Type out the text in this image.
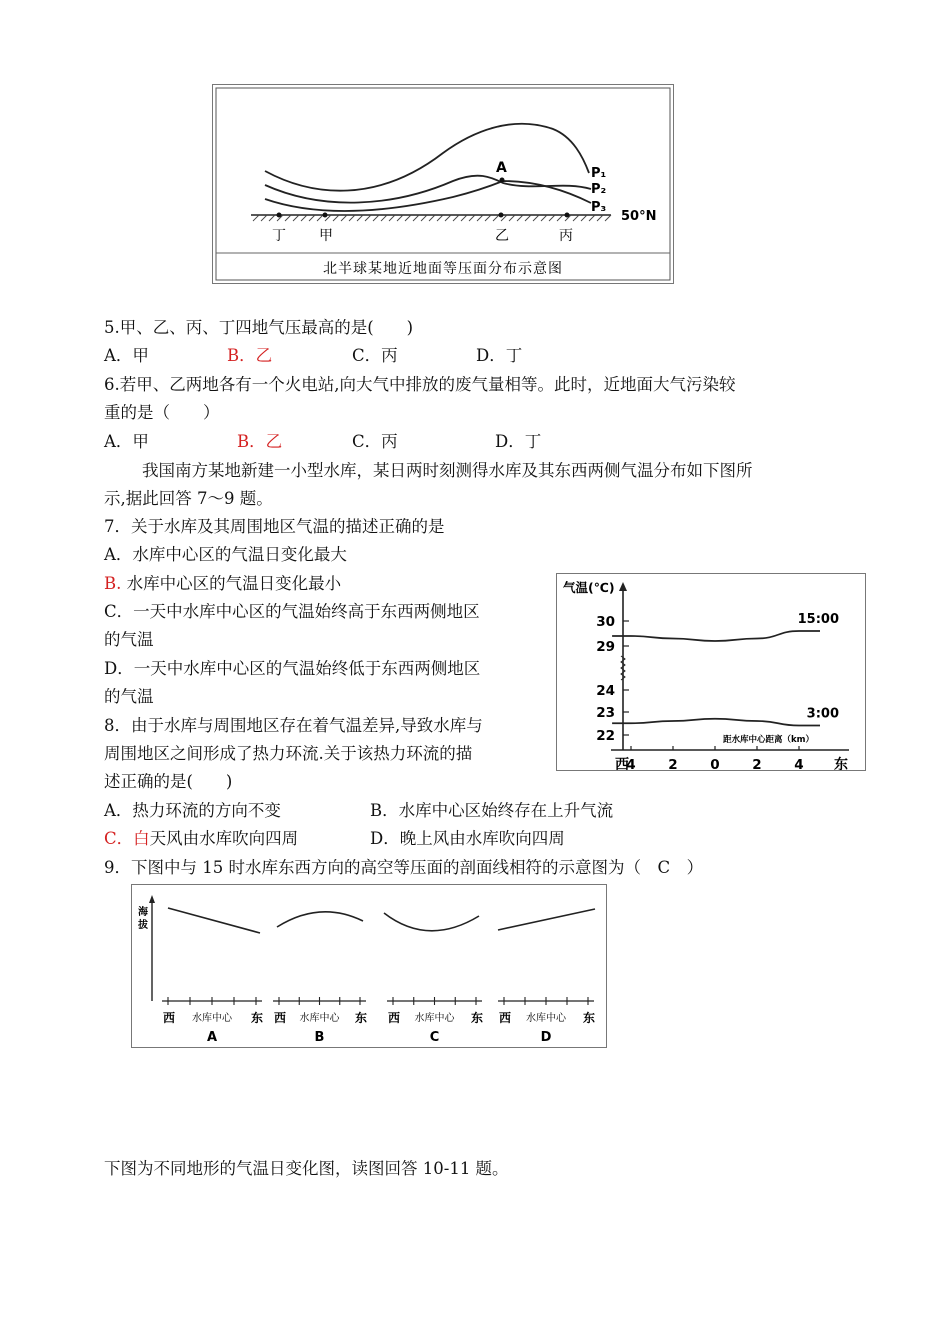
A	P₁
P₂
P₃
50°N
丁 甲	乙	丙
北半球某地近地面等压面分布示意图
5.甲、乙、丙、丁四地气压最高的是(　　)
A．甲	B．乙	C．丙	D．丁
6.若甲、乙两地各有一个火电站,向大气中排放的废气量相等。此时，近地面大气污染较
重的是（　　）
A．甲	B．乙	C．丙	D．丁
我国南方某地新建一小型水库，某日两时刻测得水库及其东西两侧气温分布如下图所
示,据此回答 7～9 题。
7．关于水库及其周围地区气温的描述正确的是
A．水库中心区的气温日变化最大
B. 水库中心区的气温日变化最小
C．一天中水库中心区的气温始终高于东西两侧地区
的气温
D．一天中水库中心区的气温始终低于东西两侧地区
的气温
8．由于水库与周围地区存在着气温差异,导致水库与
周围地区之间形成了热力环流.关于该热力环流的描
述正确的是(　　)
A．热力环流的方向不变	B．水库中心区始终存在上升气流
C．白天风由水库吹向四周	D．晚上风由水库吹向四周
9．下图中与 15 时水库东西方向的高空等压面的剖面线相符的示意图为（　C　）
气温(℃)
距水库中心距离（km）
西	东
30
29
24
23
22
4 2 0 2 4
15:00
3:00
海
拔
西 水库中心 东
A
西 水库中心 东
B
西 水库中心 东
C
西 水库中心 东
D
下图为不同地形的气温日变化图，读图回答 10-11 题。
